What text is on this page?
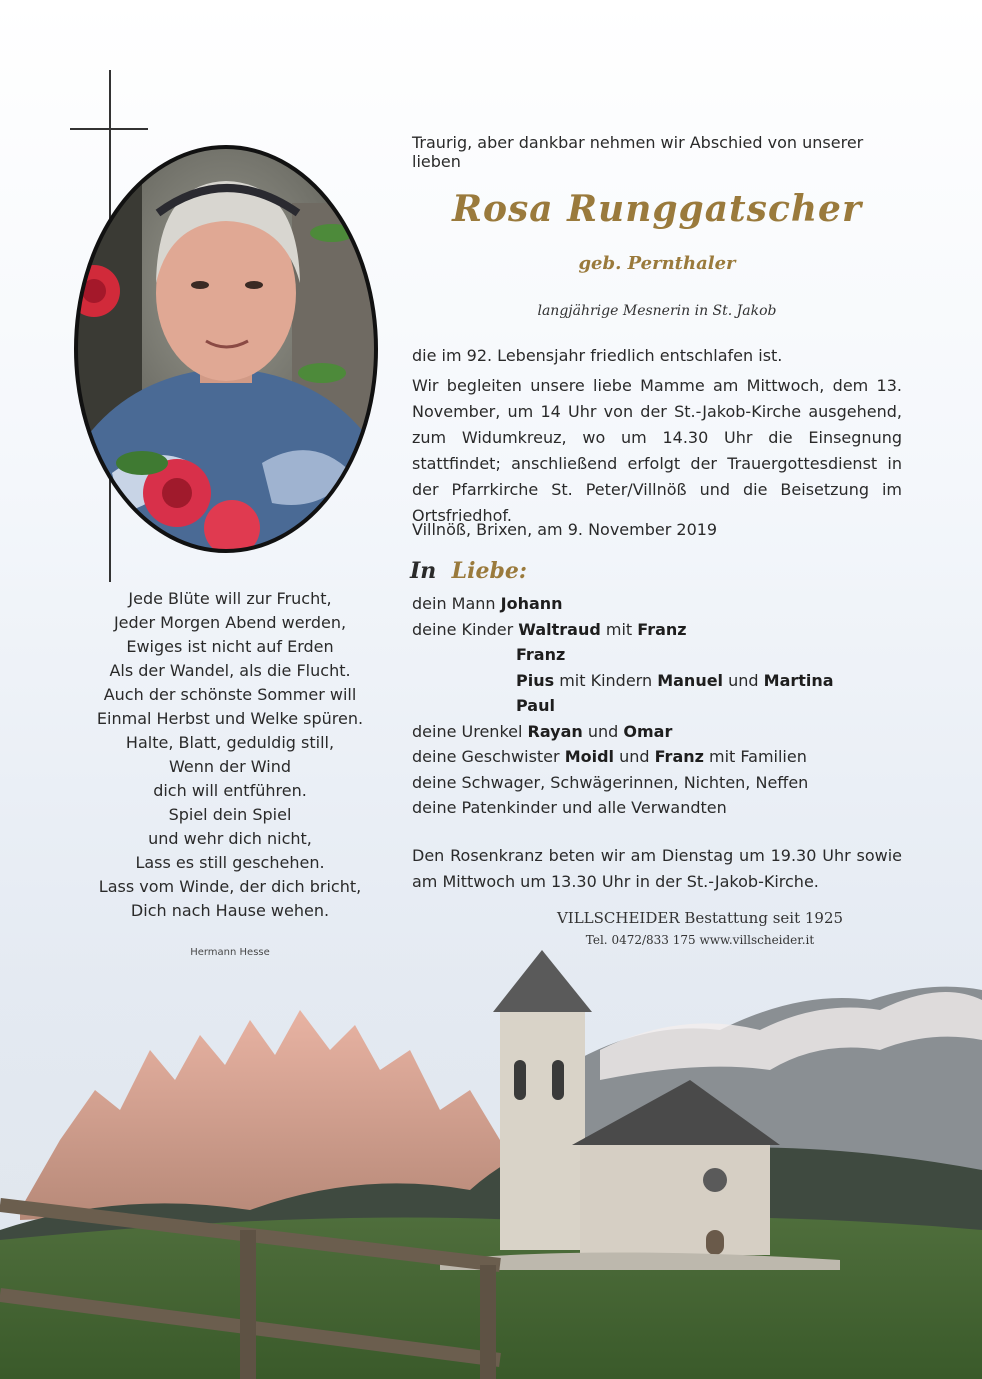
Traurig, aber dankbar nehmen wir Abschied von unserer lieben
Rosa Runggatscher
geb. Pernthaler
langjährige Mesnerin in St. Jakob

die im 92. Lebensjahr friedlich entschlafen ist.

Wir begleiten unsere liebe Mamme am Mittwoch, dem 13. November, um 14 Uhr von der St.-Jakob-Kirche ausgehend, zum Widumkreuz, wo um 14.30 Uhr die Einsegnung stattfindet; anschließend erfolgt der Trauergottesdienst in der Pfarrkirche St. Peter/Villnöß und die Beisetzung im Ortsfriedhof.

Villnöß, Brixen, am 9. November 2019

In Liebe:
dein Mann Johann
deine Kinder Waltraud mit Franz
Franz
Pius mit Kindern Manuel und Martina
Paul
deine Urenkel Rayan und Omar
deine Geschwister Moidl und Franz mit Familien
deine Schwager, Schwägerinnen, Nichten, Neffen
deine Patenkinder und alle Verwandten

Den Rosenkranz beten wir am Dienstag um 19.30 Uhr sowie am Mittwoch um 13.30 Uhr in der St.-Jakob-Kirche.

VILLSCHEIDER Bestattung seit 1925
Jede Blüte will zur Frucht,
Jeder Morgen Abend werden,
Ewiges ist nicht auf Erden
Als der Wandel, als die Flucht.
Auch der schönste Sommer will
Einmal Herbst und Welke spüren.
Halte, Blatt, geduldig still,
Wenn der Wind
dich will entführen.
Spiel dein Spiel
und wehr dich nicht,
Lass es still geschehen.
Lass vom Winde, der dich bricht,
Dich nach Hause wehen.
